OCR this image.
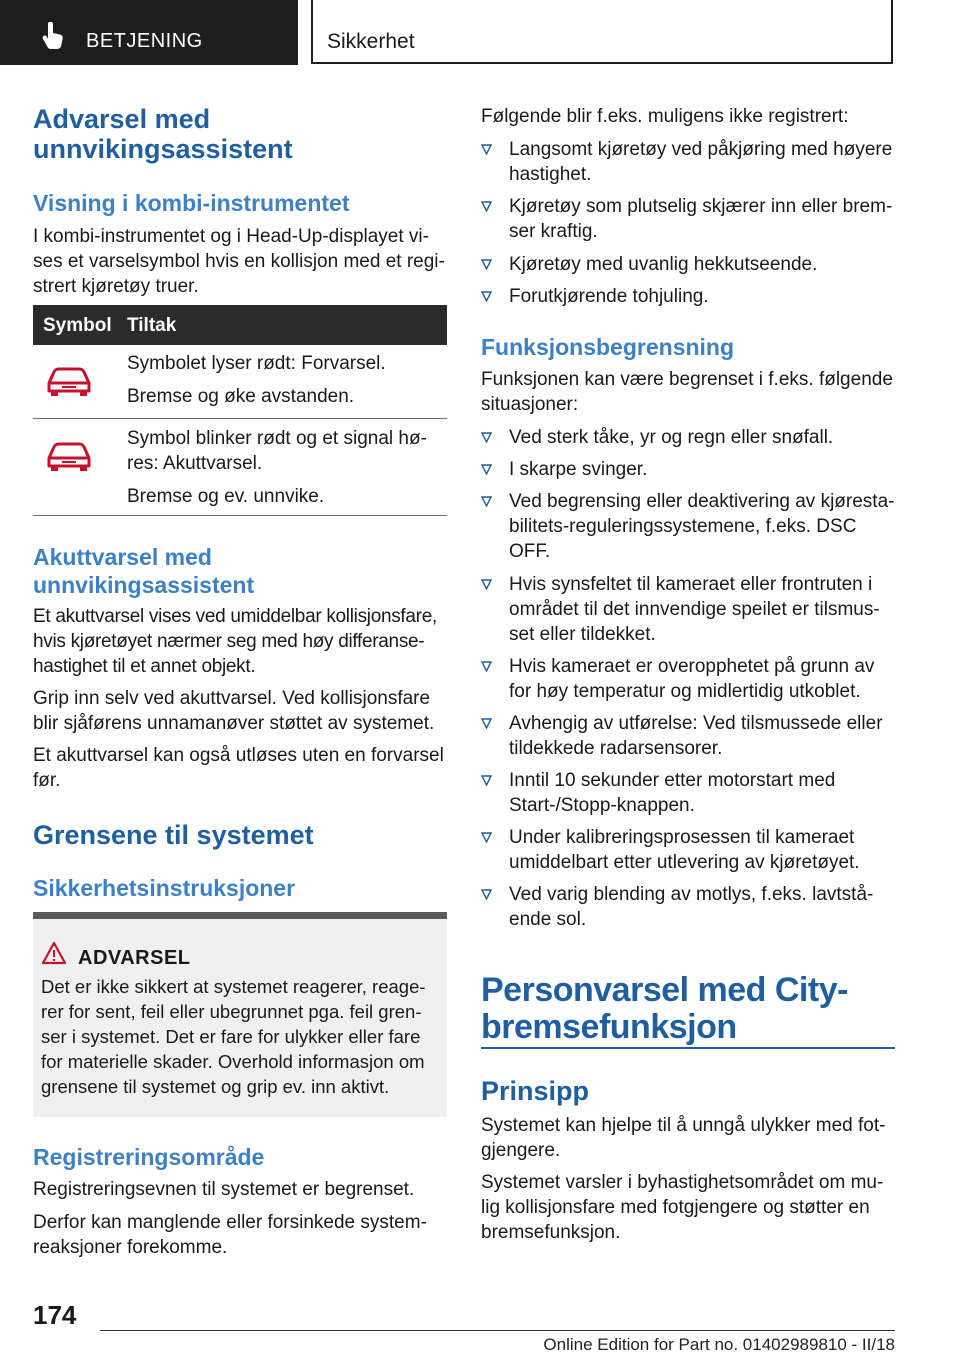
BETJENING	Sikkerhet
Advarsel med unnvikingsassistent
Visning i kombi-instrumentet

I kombi-instrumentet og i Head-Up-displayet vi-ses et varselsymbol hvis en kollisjon med et regi-strert kjøretøy truer.

Symbol Tiltak

Symbolet lyser rødt: Forvarsel.

Bremse og øke avstanden.

Symbol blinker rødt og et signal hø-res: Akuttvarsel.

Bremse og ev. unnvike.

Akuttvarsel med unnvikingsassistent

Et akuttvarsel vises ved umiddelbar kollisjonsfare, hvis kjøretøyet nærmer seg med høy differanse-hastighet til et annet objekt.

Grip inn selv ved akuttvarsel. Ved kollisjonsfare blir sjåførens unnamanøver støttet av systemet.

Et akuttvarsel kan også utløses uten en forvarsel før.

Grensene til systemet
Sikkerhetsinstruksjoner
ADVARSEL

Det er ikke sikkert at systemet reagerer, reage-rer for sent, feil eller ubegrunnet pga. feil gren-ser i systemet. Det er fare for ulykker eller fare for materielle skader. Overhold informasjon om grensene til systemet og grip ev. inn aktivt.

Registreringsområde

Registreringsevnen til systemet er begrenset.

Derfor kan manglende eller forsinkede system-reaksjoner forekomme.

Følgende blir f.eks. muligens ikke registrert:

Langsomt kjøretøy ved påkjøring med høyere hastighet.

Kjøretøy som plutselig skjærer inn eller brem-ser kraftig.

Kjøretøy med uvanlig hekkutseende.

Forutkjørende tohjuling.

Funksjonsbegrensning

Funksjonen kan være begrenset i f.eks. følgende situasjoner:

Ved sterk tåke, yr og regn eller snøfall.

I skarpe svinger.

Ved begrensing eller deaktivering av kjøresta-bilitets-reguleringssystemene, f.eks. DSC OFF.

Hvis synsfeltet til kameraet eller frontruten i området til det innvendige speilet er tilsmus-set eller tildekket.

Hvis kameraet er overopphetet på grunn av for høy temperatur og midlertidig utkoblet.

Avhengig av utførelse: Ved tilsmussede eller tildekkede radarsensorer.

Inntil 10 sekunder etter motorstart med Start-/Stopp-knappen.

Under kalibreringsprosessen til kameraet umiddelbart etter utlevering av kjøretøyet.

Ved varig blending av motlys, f.eks. lavtstå-ende sol.

Personvarsel med City-bremsefunksjon
Prinsipp

Systemet kan hjelpe til å unngå ulykker med fot-gjengere.

Systemet varsler i byhastighetsområdet om mu-lig kollisjonsfare med fotgjengere og støtter en bremsefunksjon.

174
Online Edition for Part no. 01402989810 - II/18
